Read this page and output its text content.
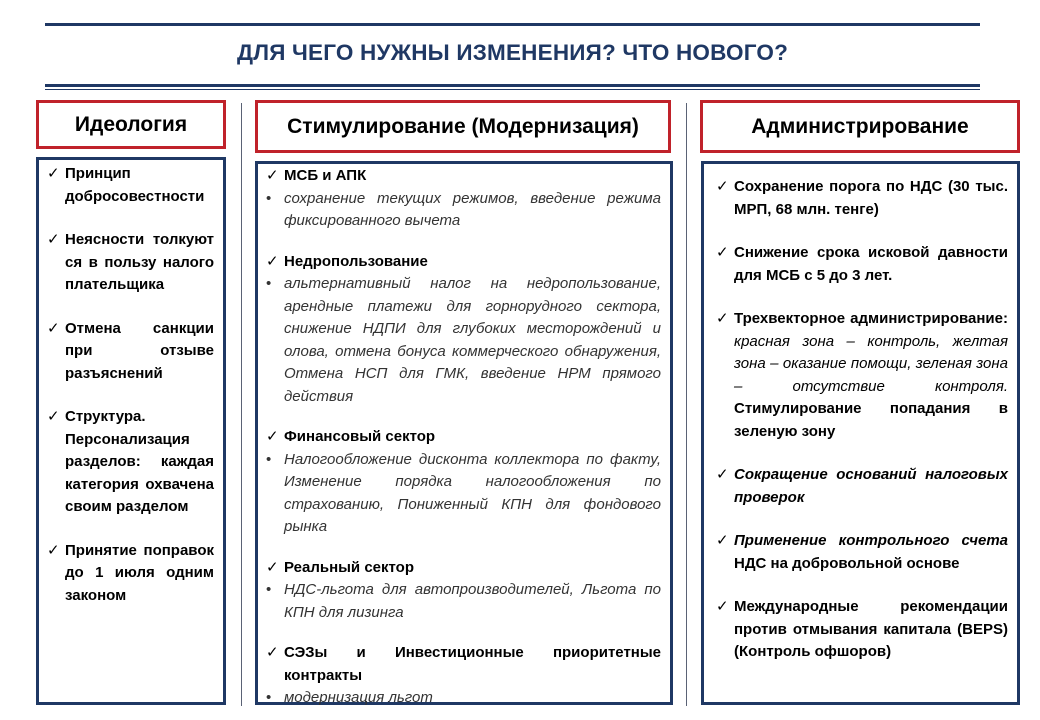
ДЛЯ ЧЕГО НУЖНЫ ИЗМЕНЕНИЯ? ЧТО НОВОГО?
Идеология
✓ Принцип добросовестности
✓ Неясности толкуются в пользу налогоплательщика
✓ Отмена санкции при отзыве разъяснений
✓ Структура. Персонализация разделов: каждая категория охвачена своим разделом
✓ Принятие поправок до 1 июля одним законом
Стимулирование (Модернизация)
✓ МСБ и АПК
• сохранение текущих режимов, введение режима фиксированного вычета
✓ Недропользование
• альтернативный налог на недропользование, арендные платежи для горнорудного сектора, снижение НДПИ для глубоких месторождений и олова, отмена бонуса коммерческого обнаружения, Отмена НСП для ГМК, введение НРМ прямого действия
✓ Финансовый сектор
• Налогообложение дисконта коллектора по факту, Изменение порядка налогообложения по страхованию, Пониженный КПН для фондового рынка
✓ Реальный сектор
• НДС-льгота для автопроизводителей, Льгота по КПН для лизинга
✓ СЭЗы и Инвестиционные приоритетные контракты
• модернизация льгот
Администрирование
✓ Сохранение порога по НДС (30 тыс. МРП, 68 млн. тенге)
✓ Снижение срока исковой давности для МСБ с 5 до 3 лет.
✓ Трехвекторное администрирование: красная зона – контроль, желтая зона – оказание помощи, зеленая зона – отсутствие контроля. Стимулирование попадания в зеленую зону
✓ Сокращение оснований налоговых проверок
✓ Применение контрольного счета НДС на добровольной основе
✓ Международные рекомендации против отмывания капитала (BEPS) (Контроль офшоров)
